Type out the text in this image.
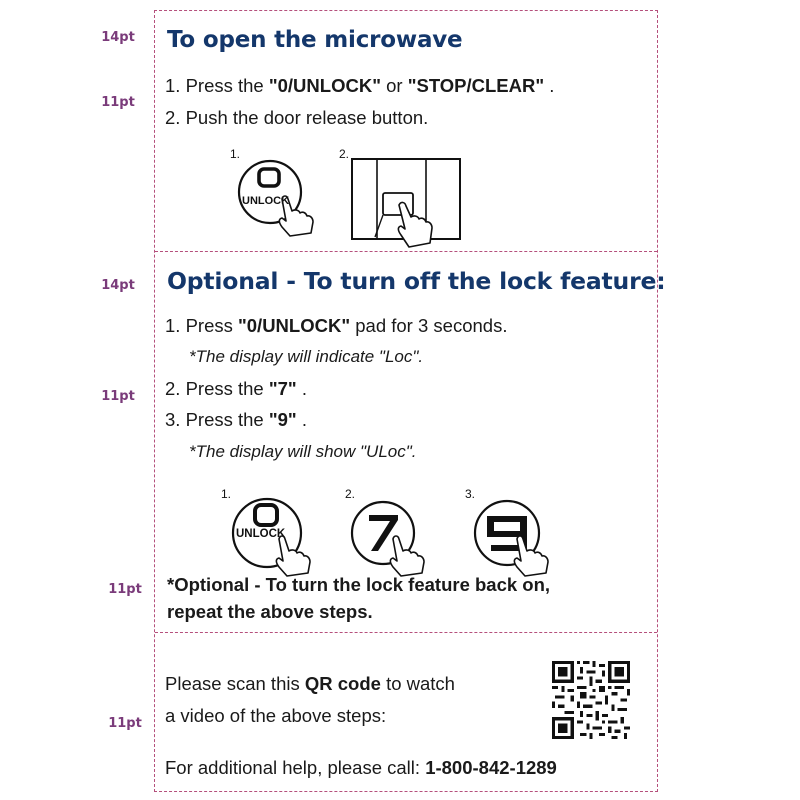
14pt
11pt
14pt
11pt
11pt
11pt
To open the microwave
1. Press the "0/UNLOCK" or "STOP/CLEAR" .
2. Push the door release button.
1.
UNLOCK
2.
Optional - To turn off the lock feature:
1. Press "0/UNLOCK" pad for 3 seconds.
*The display will indicate "Loc".
2. Press the "7" .
3. Press the "9" .
*The display will show "ULoc".
1.
UNLOCK
2.	3.
*Optional - To turn the lock feature back on,
repeat the above steps.
Please scan this QR code to watch
a video of the above steps:
For additional help, please call: 1-800-842-1289
